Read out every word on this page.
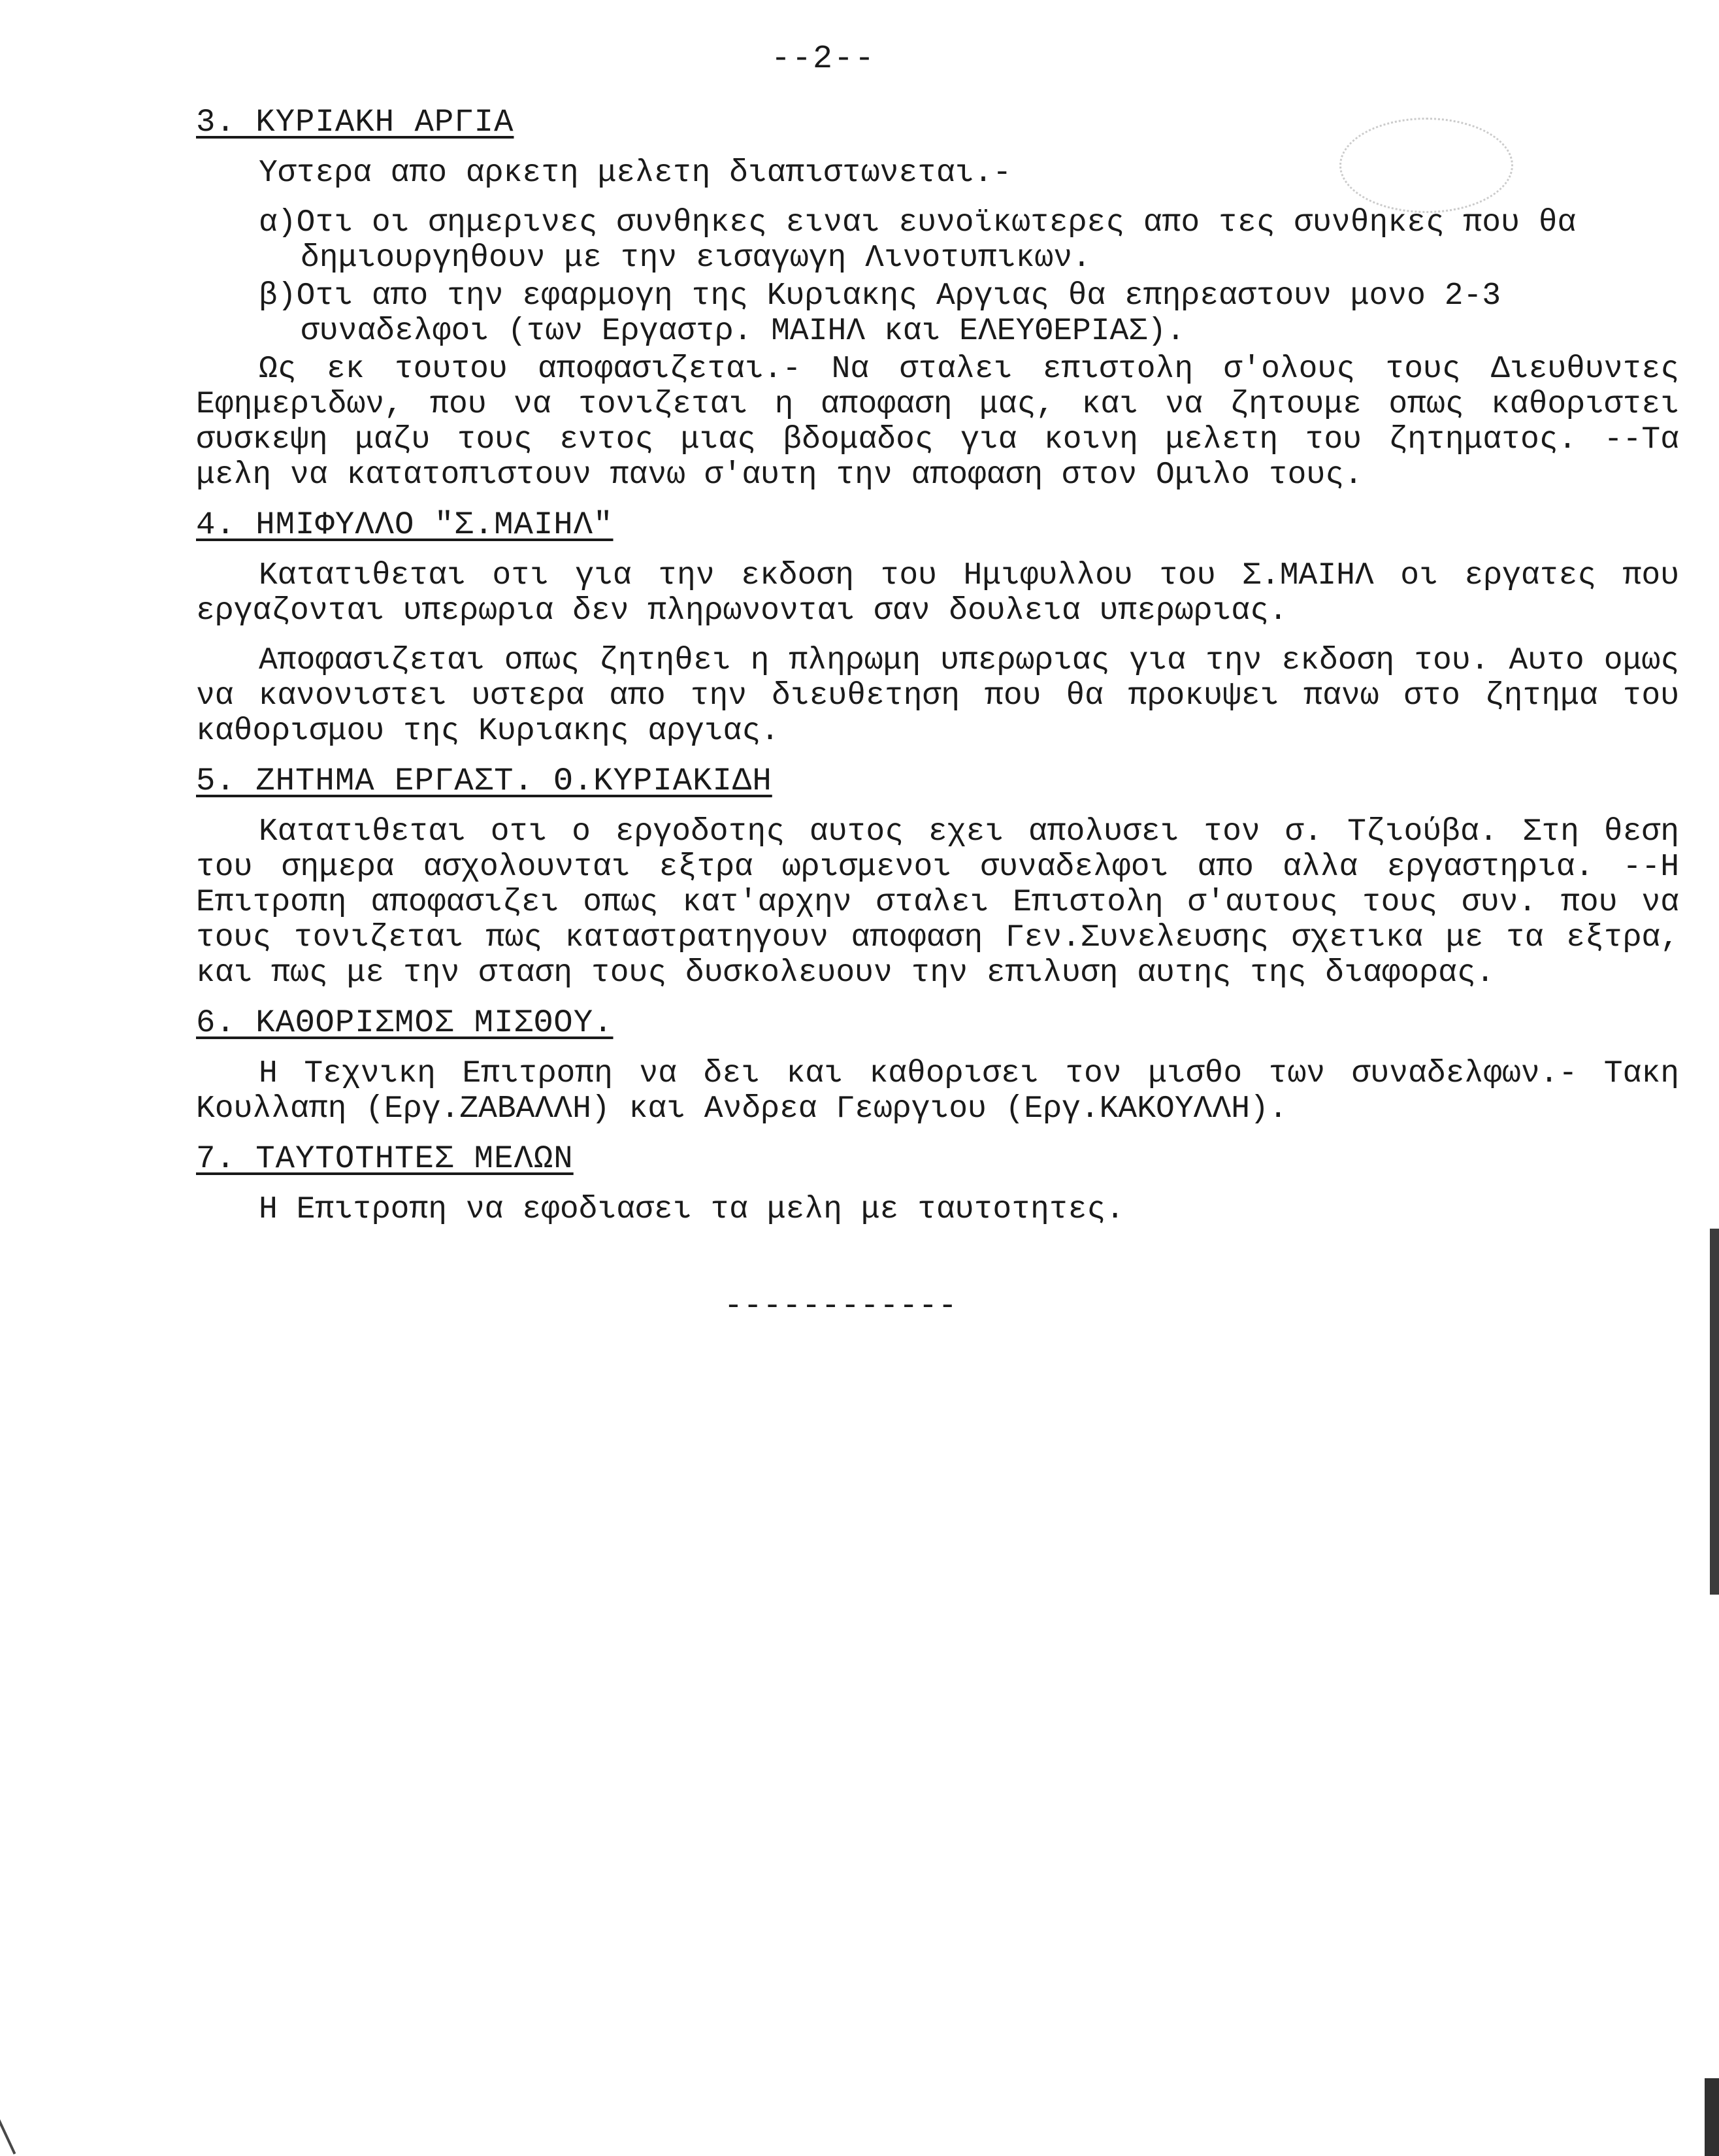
--2--
3. ΚΥΡΙΑΚΗ ΑΡΓΙΑ

Υστερα απο αρκετη μελετη διαπιστωνεται.-

α)Οτι οι σημερινες συνθηκες ειναι ευνοϊκωτερες απο τες συνθηκες που θα δημιουργηθουν με την εισαγωγη Λινοτυπικων.

β)Οτι απο την εφαρμογη της Κυριακης Αργιας θα επηρεαστουν μονο 2-3 συναδελφοι (των Εργαστρ. ΜΑΙΗΛ και ΕΛΕΥΘΕΡΙΑΣ).

Ως εκ τουτου αποφασιζεται.- Να σταλει επιστολη σ'ολους τους Διευθυντες Εφημεριδων, που να τονιζεται η αποφαση μας, και να ζητουμε οπως καθοριστει συσκεψη μαζυ τους εντος μιας βδομαδος για κοινη μελετη του ζητηματος. --Τα μελη να κατατοπιστουν πανω σ'αυτη την αποφαση στον Ομιλο τους.

4. ΗΜΙΦΥΛΛΟ "Σ.ΜΑΙΗΛ"

Κατατιθεται οτι για την εκδοση του Ημιφυλλου του Σ.ΜΑΙΗΛ οι εργατες που εργαζονται υπερωρια δεν πληρωνονται σαν δουλεια υπερωριας.

Αποφασιζεται οπως ζητηθει η πληρωμη υπερωριας για την εκδοση του. Αυτο ομως να κανονιστει υστερα απο την διευθετηση που θα προκυψει πανω στο ζητημα του καθορισμου της Κυριακης αργιας.

5. ΖΗΤΗΜΑ ΕΡΓΑΣΤ. Θ.ΚΥΡΙΑΚΙΔΗ

Κατατιθεται οτι ο εργοδοτης αυτος εχει απολυσει τον σ. Τζιούβα. Στη θεση του σημερα ασχολουνται εξτρα ωρισμενοι συναδελφοι απο αλλα εργαστηρια. --Η Επιτροπη αποφασιζει οπως κατ'αρχην σταλει Επιστολη σ'αυτους τους συν. που να τους τονιζεται πως καταστρατηγουν αποφαση Γεν.Συνελευσης σχετικα με τα εξτρα, και πως με την σταση τους δυσκολευουν την επιλυση αυτης της διαφορας.

6. ΚΑΘΟΡΙΣΜΟΣ ΜΙΣΘΟΥ.

Η Τεχνικη Επιτροπη να δει και καθορισει τον μισθο των συναδελφων.- Τακη Κουλλαπη (Εργ.ΖΑΒΑΛΛΗ) και Ανδρεα Γεωργιου (Εργ.ΚΑΚΟΥΛΛΗ).

7. ΤΑΥΤΟΤΗΤΕΣ ΜΕΛΩΝ

Η Επιτροπη να εφοδιασει τα μελη με ταυτοτητες.

------------
